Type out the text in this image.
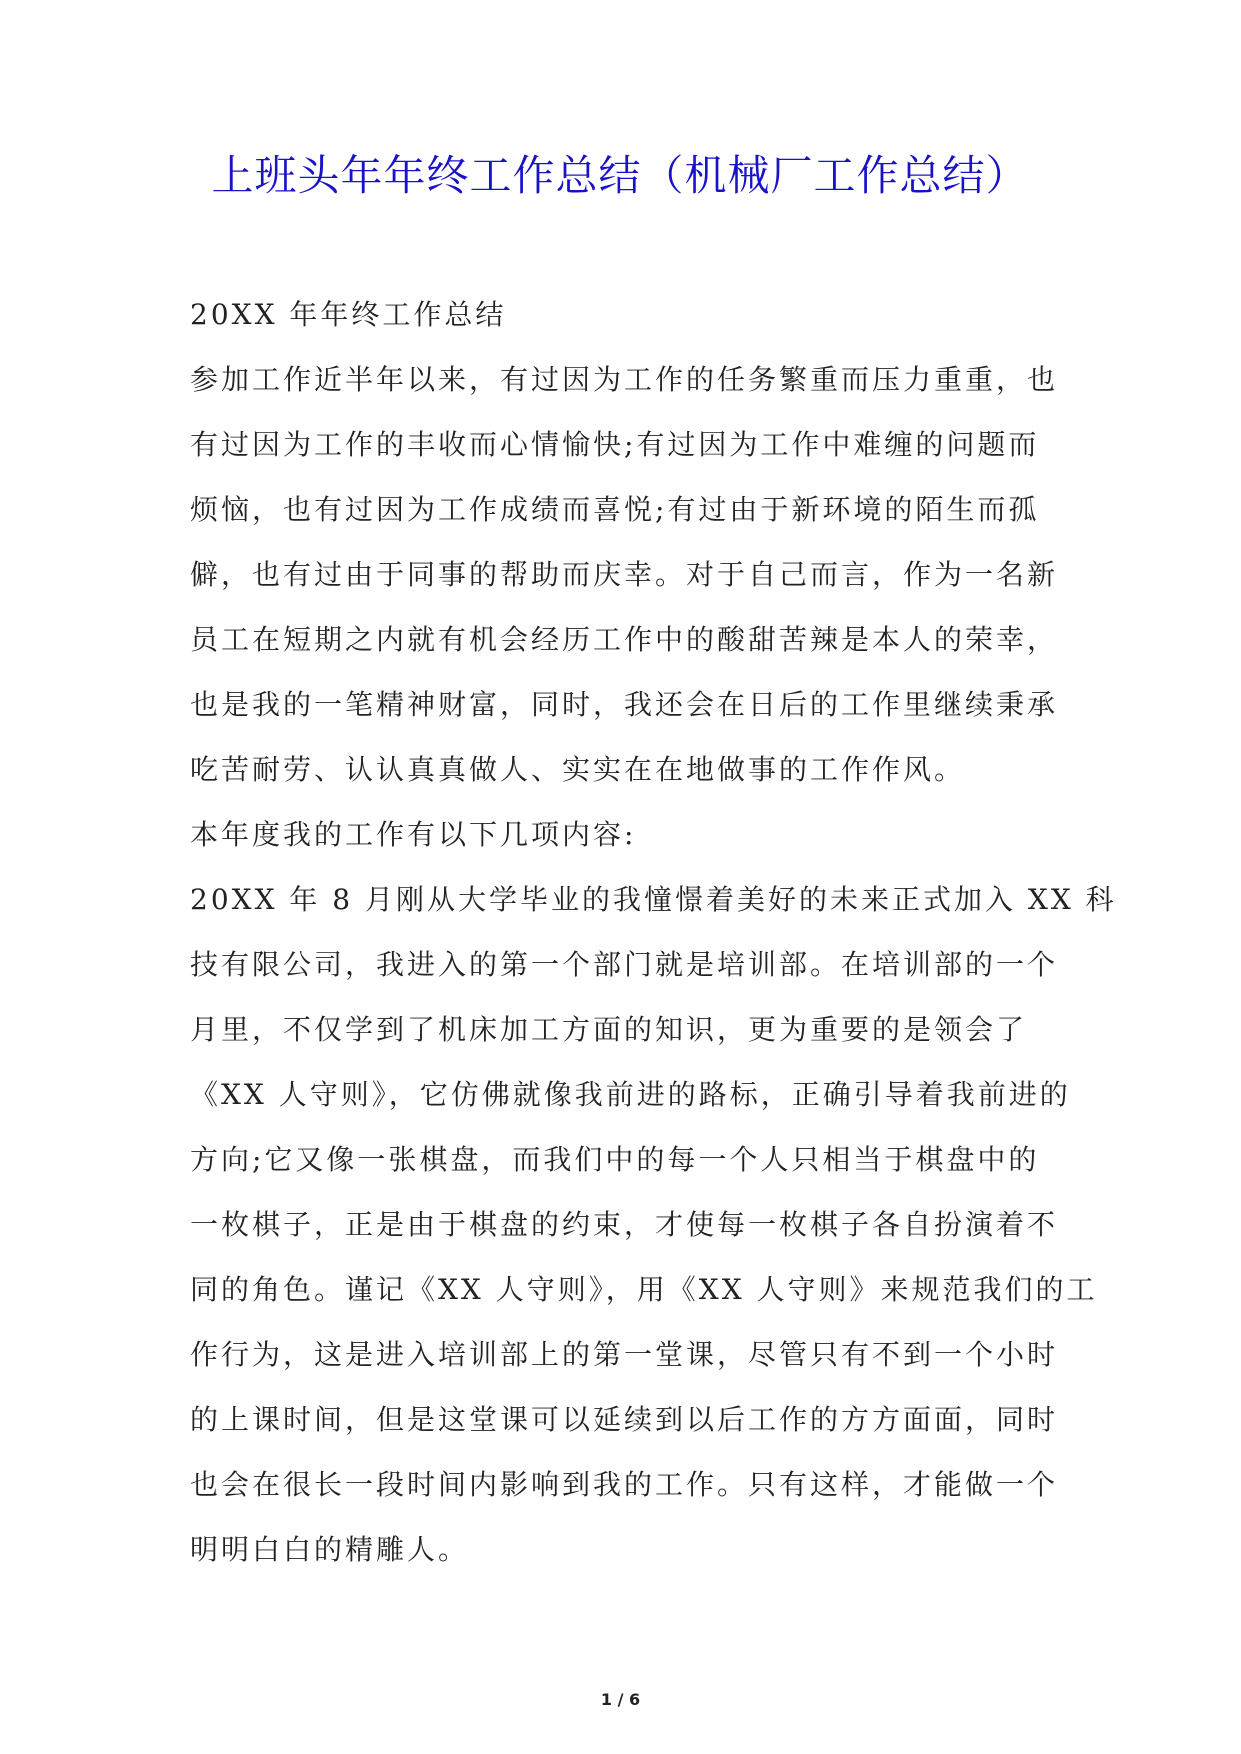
上班头年年终工作总结（机械厂工作总结）
20XX 年年终工作总结
参加工作近半年以来，有过因为工作的任务繁重而压力重重，也
有过因为工作的丰收而心情愉快;有过因为工作中难缠的问题而
烦恼，也有过因为工作成绩而喜悦;有过由于新环境的陌生而孤
僻，也有过由于同事的帮助而庆幸。对于自己而言，作为一名新
员工在短期之内就有机会经历工作中的酸甜苦辣是本人的荣幸，
也是我的一笔精神财富，同时，我还会在日后的工作里继续秉承
吃苦耐劳、认认真真做人、实实在在地做事的工作作风。
本年度我的工作有以下几项内容:
20XX 年 8 月刚从大学毕业的我憧憬着美好的未来正式加入 XX 科
技有限公司，我进入的第一个部门就是培训部。在培训部的一个
月里，不仅学到了机床加工方面的知识，更为重要的是领会了
《XX 人守则》，它仿佛就像我前进的路标，正确引导着我前进的
方向;它又像一张棋盘，而我们中的每一个人只相当于棋盘中的
一枚棋子，正是由于棋盘的约束，才使每一枚棋子各自扮演着不
同的角色。谨记《XX 人守则》，用《XX 人守则》来规范我们的工
作行为，这是进入培训部上的第一堂课，尽管只有不到一个小时
的上课时间，但是这堂课可以延续到以后工作的方方面面，同时
也会在很长一段时间内影响到我的工作。只有这样，才能做一个
明明白白的精雕人。
1 / 6
